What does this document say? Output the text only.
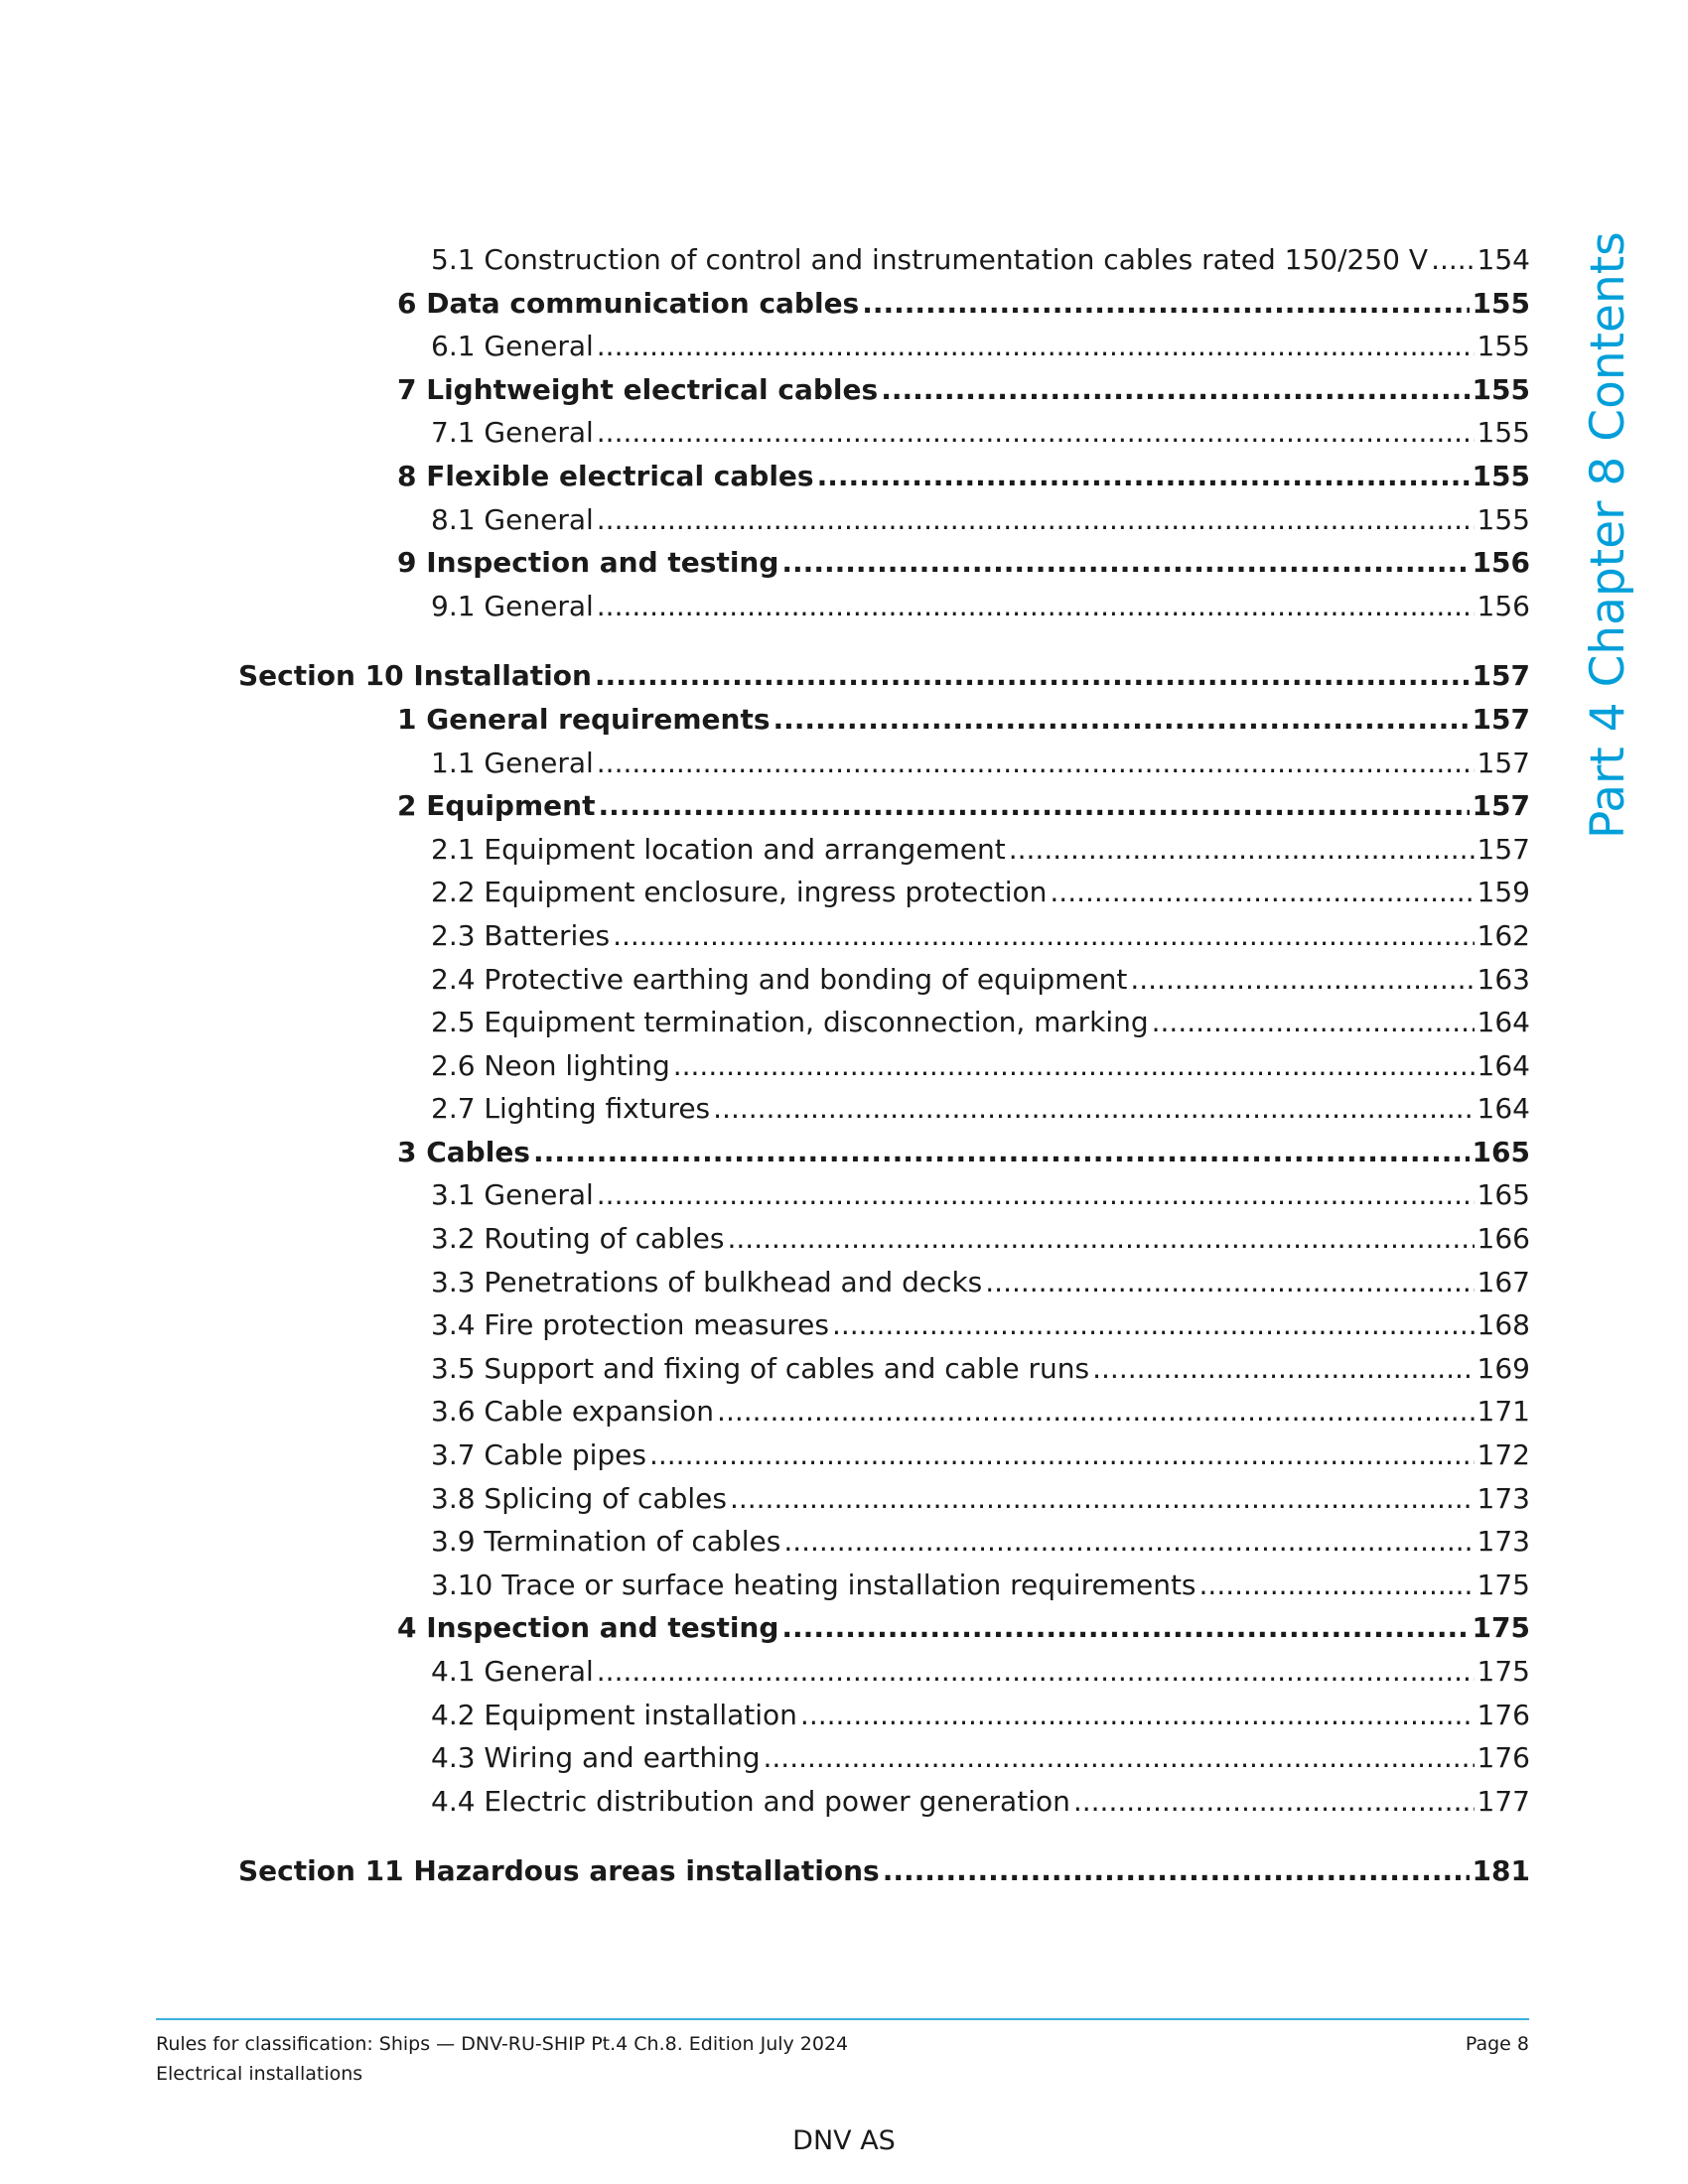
5.1 Construction of control and instrumentation cables rated 150/250 V ..... 154
6 Data communication cables .....	155
6.1 General .....	155
7 Lightweight electrical cables .....	155
7.1 General .....	155
8 Flexible electrical cables .....	155
8.1 General .....	155
9 Inspection and testing .....	156
9.1 General .....	156
Section 10 Installation .....	157
1 General requirements .....	157
1.1 General .....	157
2 Equipment .....	157
2.1 Equipment location and arrangement .....	157
2.2 Equipment enclosure, ingress protection .....	159
2.3 Batteries .....	162
2.4 Protective earthing and bonding of equipment .....	163
2.5 Equipment termination, disconnection, marking .....	164
2.6 Neon lighting .....	164
2.7 Lighting fixtures .....	164
3 Cables .....	165
3.1 General .....	165
3.2 Routing of cables .....	166
3.3 Penetrations of bulkhead and decks .....	167
3.4 Fire protection measures .....	168
3.5 Support and fixing of cables and cable runs .....	169
3.6 Cable expansion .....	171
3.7 Cable pipes .....	172
3.8 Splicing of cables .....	173
3.9 Termination of cables .....	173
3.10 Trace or surface heating installation requirements .....	175
4 Inspection and testing .....	175
4.1 General .....	175
4.2 Equipment installation .....	176
4.3 Wiring and earthing .....	176
4.4 Electric distribution and power generation .....	177
Section 11 Hazardous areas installations .....	181
Part 4 Chapter 8 Contents
Rules for classification: Ships — DNV-RU-SHIP Pt.4 Ch.8. Edition July 2024
Electrical installations
Page 8
DNV AS
